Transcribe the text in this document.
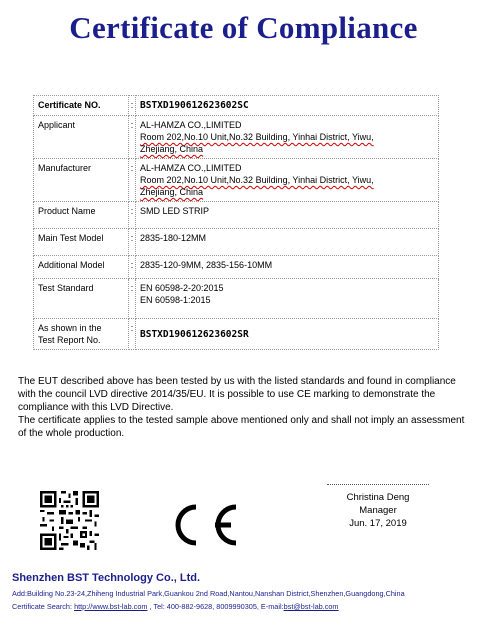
Certificate of Compliance
Certificate NO.	:	BSTXD190612623602SC
Applicant	:	AL-HAMZA CO.,LIMITED
Room 202,No.10 Unit,No.32 Building, Yinhai District, Yiwu,
Zhejiang, China

Manufacturer	:	AL-HAMZA CO.,LIMITED
Room 202,No.10 Unit,No.32 Building, Yinhai District, Yiwu,
Zhejiang, China

Product Name	:	SMD LED STRIP
Main Test Model	:	2835-180-12MM
Additional Model	:	2835-120-9MM, 2835-156-10MM
Test Standard	:	EN 60598-2-20:2015
EN 60598-1:2015

As shown in the
Test Report No.	:	BSTXD190612623602SR

The EUT described above has been tested by us with the listed standards and found in compliance with the council LVD directive 2014/35/EU. It is possible to use CE marking to demonstrate the compliance with this LVD Directive.

The certificate applies to the tested sample above mentioned only and shall not imply an assessment of the whole production.

Christina Deng
Manager
Jun. 17, 2019
Shenzhen BST Technology Co., Ltd.
Add:Building No.23-24,Zhiheng Industrial Park,Guankou 2nd Road,Nantou,Nanshan District,Shenzhen,Guangdong,China
Certificate Search: http://www.bst-lab.com , Tel: 400-882-9628, 8009990305, E-mail:bst@bst-lab.com
